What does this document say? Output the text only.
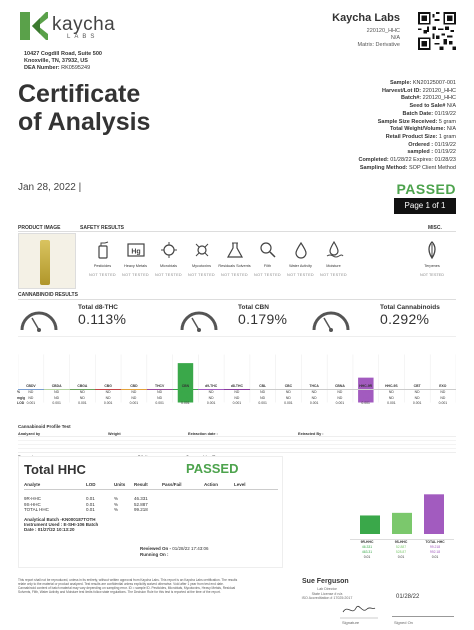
kaycha
LABS
10427 Cogdill Road, Suite 500
Knoxville, TN, 37932, US
DEA Number: RK0595249
Kaycha Labs
220120_HHC
N/A
Matrix: Derivative
Certificate
of Analysis
Jan 28, 2022 |
Sample: KN20125007-001
Harvest/Lot ID: 220120_HHC
Batch#: 220120_HHC
Seed to Sale# N/A
Batch Date: 01/19/22
Sample Size Received: 5 gram
Total Weight/Volume: N/A
Retail Product Size: 1 gram
Ordered : 01/19/22
sampled : 01/19/22
Completed: 01/28/22 Expires: 01/28/23
Sampling Method: SOP Client Method
PASSED
Page 1 of 1
PRODUCT IMAGE	SAFETY RESULTS	MISC.
Pesticides
NOT TESTED
Hg
Heavy Metals
NOT TESTED
Microbials
NOT TESTED
Mycotoxins
NOT TESTED
Residuals Solvents
NOT TESTED
Filth
NOT TESTED
Water Activity
NOT TESTED
Moisture
NOT TESTED
Terpenes
NOT TESTED
CANNABINOID RESULTS
Total d8-THC
0.113%
Total CBN
0.179%
Total Cannabinoids
0.292%
CBDV	CBDA	CBGA	CBG	CBD	THCV	CBN	d9-THC	d8-THC	CBL	CBC	THCA	CBNA	HHC-9R	HHC-9S	CBT	EXO
%	ND	ND	ND	ND	ND	ND	0.179	ND	ND	ND	ND	ND	ND	0.113	ND	ND	ND
mg/g ND	ND	ND	ND	ND	ND	1.79	ND	ND	ND	ND	ND	ND	1.13	ND	ND	ND
LOD 0.001	0.001	0.001	0.001	0.001	0.001	0.001	0.001	0.001	0.001	0.001	0.001	0.001	0.001	0.001	0.001	0.001
Cannabinoid Profile Test
Analyzed by	Weight	Extraction date :	Extracted By :
Total HHC	PASSED
Analyte	LOD	Units	Result	Pass/Fail	Action	Level
9R-HHC	0.01	%	46.331
9S-HHC	0.01	%	52.887
TOTAL HHC	0.01	%	99.218
Analytical Batch -KN000187TOTH
Instrument Used : E-SHI-106 Batch
Date : 01/27/22 10:13:20
Reviewed On - 01/28/22 17:43:06
Running On :
9R-HHC
46.331
463.31
0.01
9S-HHC
52.887
528.87
0.01
TOTAL HHC
99.218
992.18
0.01
This report shall not be reproduced, unless in its entirety, without written approval from Kaycha Labs. This report is an Kaycha Labs certification. The results relate only to the material or product analyzed. Test results are confidential unless explicitly waived otherwise. Void after 1 year from test end date. Cannabinoid content of batch material may vary depending on sampling error. ID = sample ID. Pesticides, Microbials, Mycotoxins, Heavy Metals, Residual Solvents, Filth, Water Activity and Moisture test limits follow state regulations. The Decision Rule for this test is reported at the time of the report.
Sue Ferguson
Lab Director
State License # n/a
ISO Accreditation # 17025:2017
Signature
01/28/22
Signed On
